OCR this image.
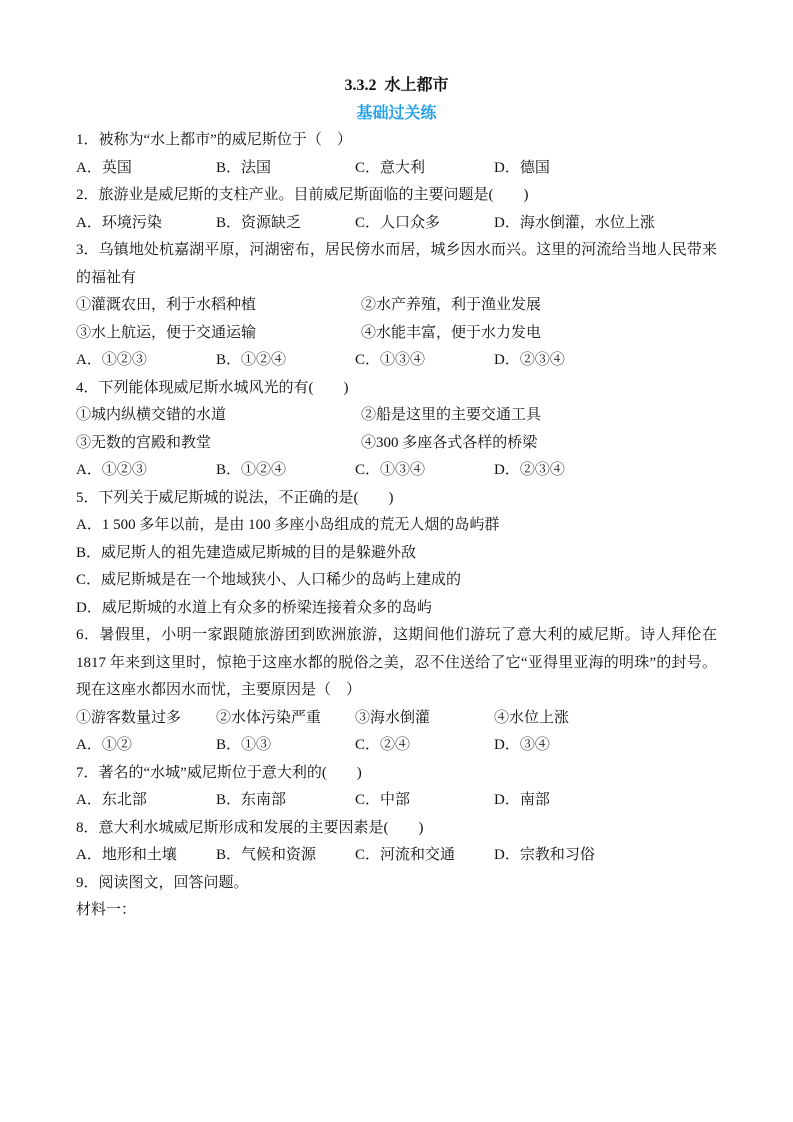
3.3.2  水上都市
基础过关练
1．被称为“水上都市”的威尼斯位于（　）
A．英国	B．法国	C．意大利	D．德国
2．旅游业是威尼斯的支柱产业。目前威尼斯面临的主要问题是(　　)
A．环境污染	B．资源缺乏	C．人口众多	D．海水倒灌，水位上涨
3．乌镇地处杭嘉湖平原，河湖密布，居民傍水而居，城乡因水而兴。这里的河流给当地人民带来的福祉有
①灌溉农田，利于水稻种植	②水产养殖，利于渔业发展
③水上航运，便于交通运输	④水能丰富，便于水力发电
A．①②③	B．①②④	C．①③④	D．②③④
4．下列能体现威尼斯水城风光的有(　　)
①城内纵横交错的水道	②船是这里的主要交通工具
③无数的宫殿和教堂	④300 多座各式各样的桥梁
A．①②③	B．①②④	C．①③④	D．②③④
5．下列关于威尼斯城的说法，不正确的是(　　)
A．1 500 多年以前，是由 100 多座小岛组成的荒无人烟的岛屿群
B．威尼斯人的祖先建造威尼斯城的目的是躲避外敌
C．威尼斯城是在一个地域狭小、人口稀少的岛屿上建成的
D．威尼斯城的水道上有众多的桥梁连接着众多的岛屿
6．暑假里，小明一家跟随旅游团到欧洲旅游，这期间他们游玩了意大利的威尼斯。诗人拜伦在 1817 年来到这里时，惊艳于这座水都的脱俗之美，忍不住送给了它“亚得里亚海的明珠”的封号。现在这座水都因水而忧，主要原因是（　）
①游客数量过多 ②水体污染严重 ③海水倒灌	④水位上涨
A．①②	B．①③	C．②④	D．③④
7．著名的“水城”威尼斯位于意大利的(　　)
A．东北部	B．东南部	C．中部	D．南部
8．意大利水城威尼斯形成和发展的主要因素是(　　)
A．地形和土壤	B．气候和资源	C．河流和交通	D．宗教和习俗
9．阅读图文，回答问题。
材料一：
